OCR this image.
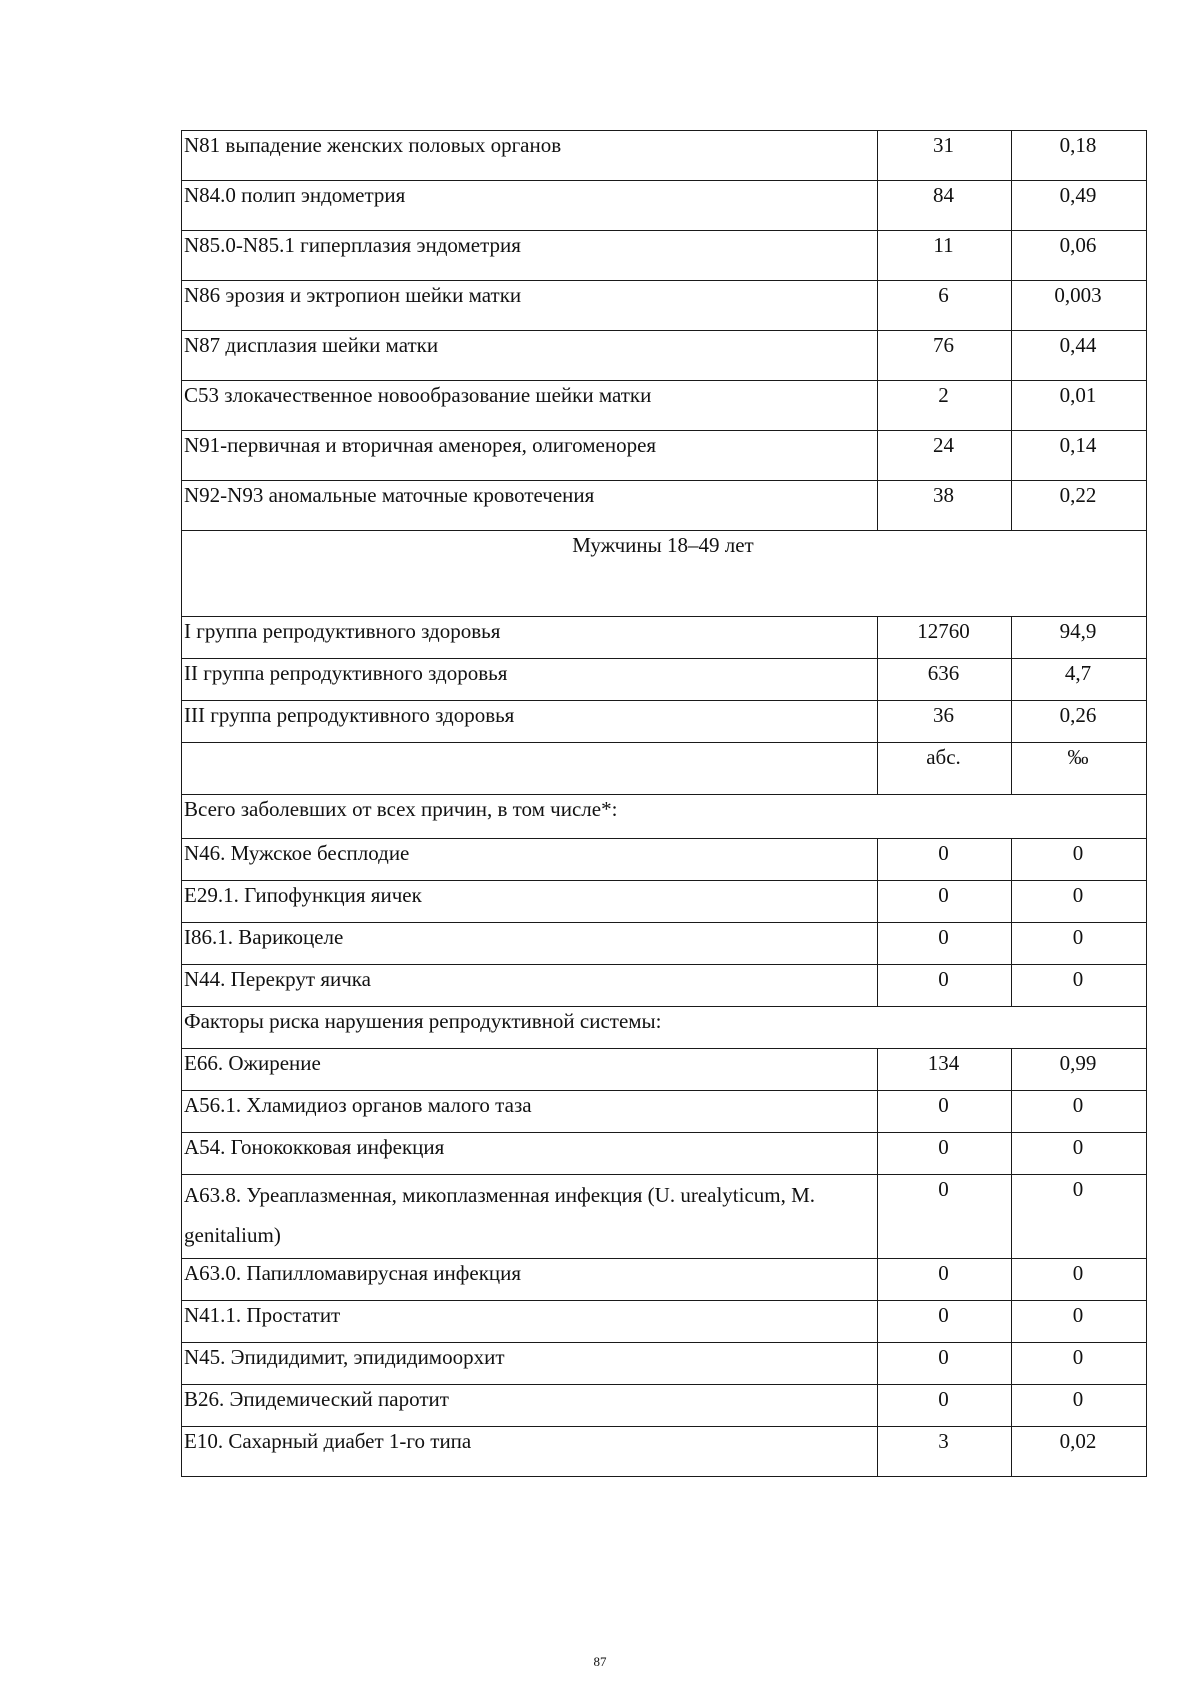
N81 выпадение женских половых органов	31	0,18
N84.0 полип эндометрия	84	0,49
N85.0-N85.1 гиперплазия эндометрия	11	0,06
N86 эрозия и эктропион шейки матки	6	0,003
N87 дисплазия шейки матки	76	0,44
C53 злокачественное новообразование шейки матки	2	0,01
N91-первичная и вторичная аменорея, олигоменорея	24	0,14
N92-N93 аномальные маточные кровотечения	38	0,22
Мужчины 18–49 лет		
I группа репродуктивного здоровья	12760	94,9
II группа репродуктивного здоровья	636	4,7
III группа репродуктивного здоровья	36	0,26
	абс.	‰
Всего заболевших от всех причин, в том числе*:		
N46. Мужское бесплодие	0	0
E29.1. Гипофункция яичек	0	0
I86.1. Варикоцеле	0	0
N44. Перекрут яичка	0	0
Факторы риска нарушения репродуктивной системы:		
E66. Ожирение	134	0,99
A56.1. Хламидиоз органов малого таза	0	0
A54. Гонококковая инфекция	0	0
A63.8. Уреаплазменная, микоплазменная инфекция (U. urealyticum, M. genitalium)	0	0
A63.0. Папилломавирусная инфекция	0	0
N41.1. Простатит	0	0
N45. Эпидидимит, эпидидимоорхит	0	0
B26. Эпидемический паротит	0	0
E10. Сахарный диабет 1-го типа	3	0,02
87
